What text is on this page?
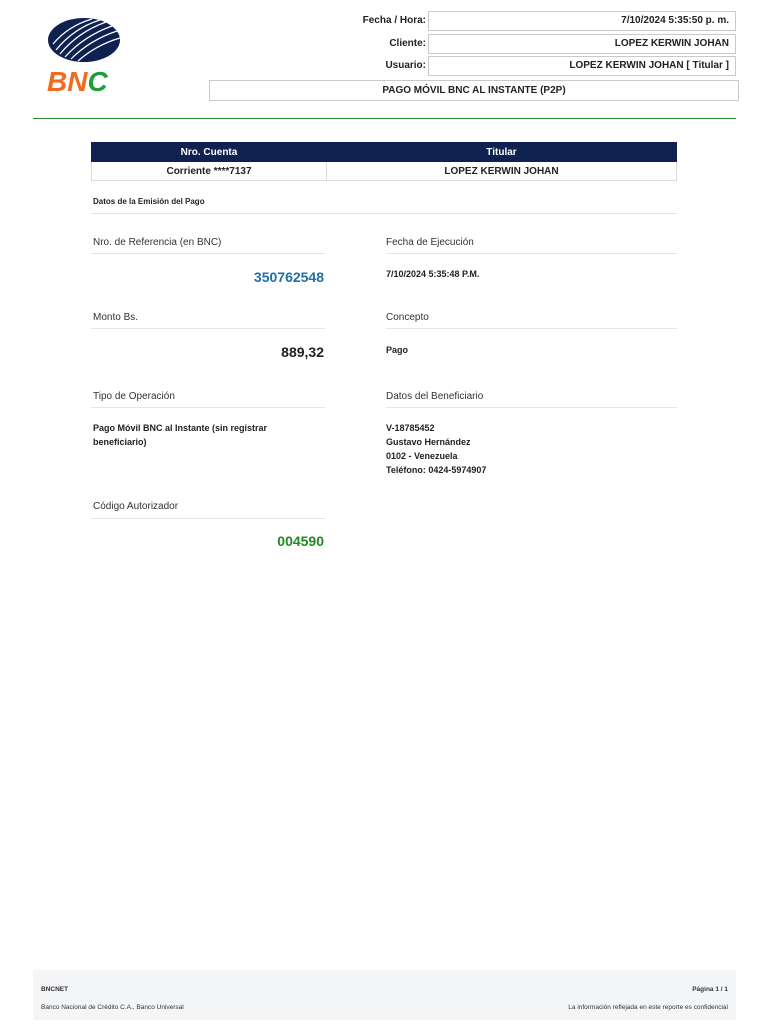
BNC
Fecha / Hora:	7/10/2024 5:35:50 p. m.
Cliente:	LOPEZ KERWIN JOHAN
Usuario:	LOPEZ KERWIN JOHAN [ Titular ]
PAGO MÓVIL BNC AL INSTANTE (P2P)
Nro. Cuenta	Titular
Corriente ****7137	LOPEZ KERWIN JOHAN
Datos de la Emisión del Pago
Nro. de Referencia (en BNC)
350762548
Fecha de Ejecución
7/10/2024 5:35:48 P.M.
Monto Bs.
889,32
Concepto
Pago
Tipo de Operación
Pago Móvil BNC al Instante (sin registrar
beneficiario)
Datos del Beneficiario
V-18785452
Gustavo Hernández
0102 - Venezuela
Teléfono: 0424-5974907
Código Autorizador
004590
BNCNET	Página 1 / 1
Banco Nacional de Crédito C.A., Banco Universal	La información reflejada en este reporte es confidencial
